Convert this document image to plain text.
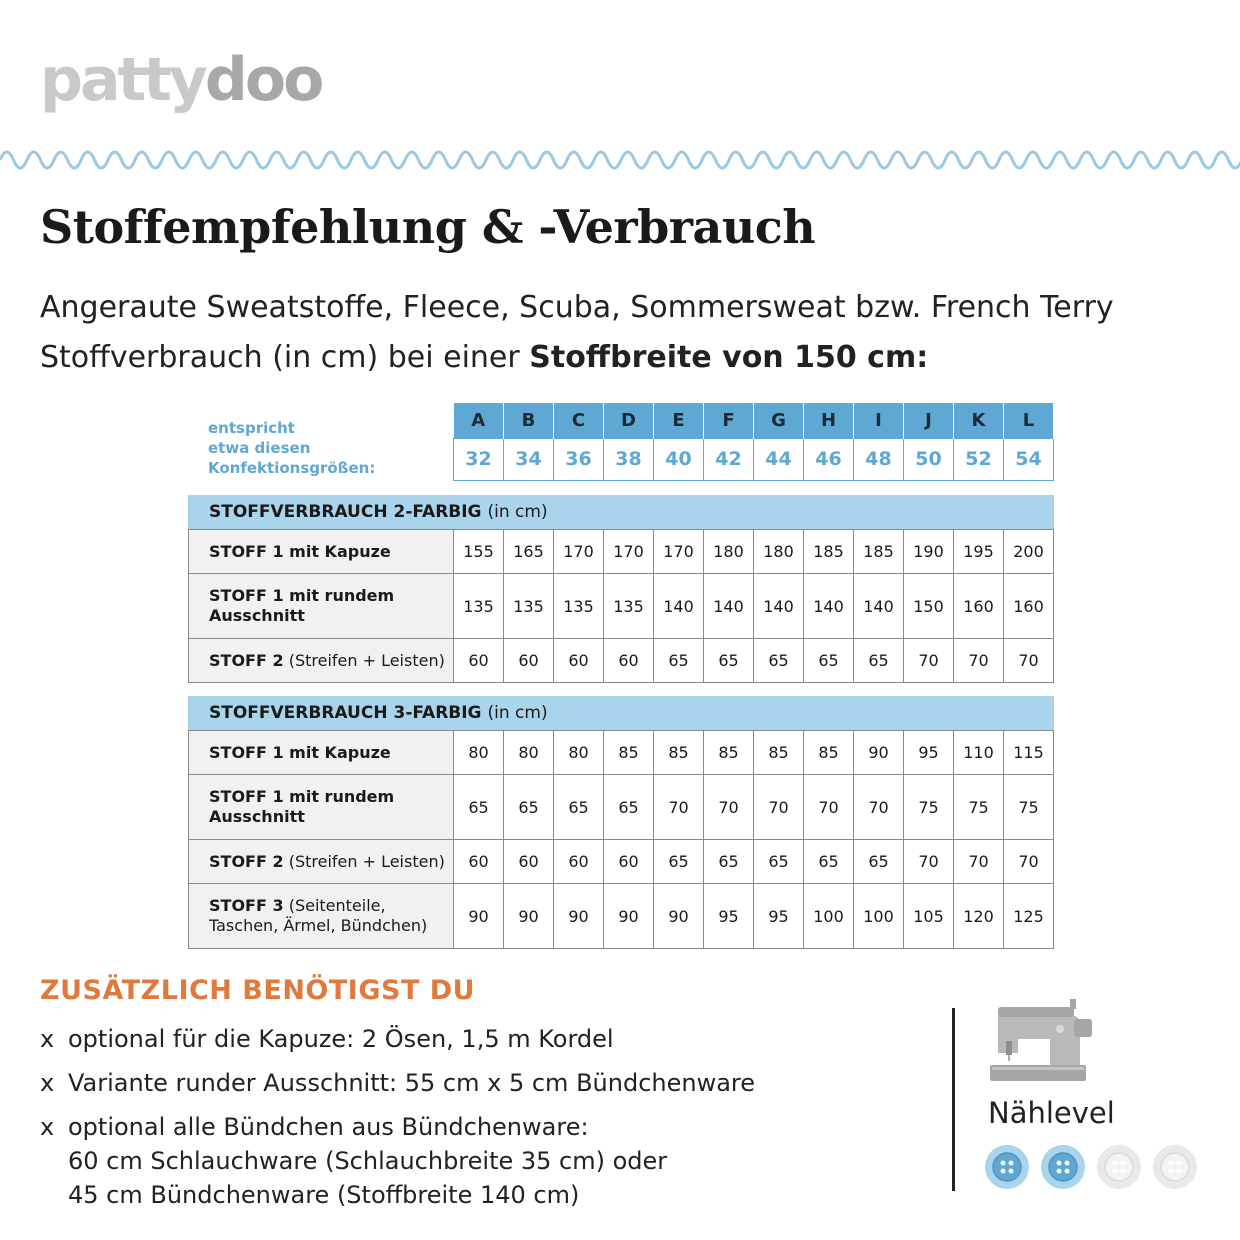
pattydoo
Stoffempfehlung & -Verbrauch
Angeraute Sweatstoffe, Fleece, Scuba, Sommersweat bzw. French Terry
Stoffverbrauch (in cm) bei einer Stoffbreite von 150 cm:
entspricht
etwa diesen
Konfektionsgrößen:
A	B	C	D	E	F	G	H	I	J	K	L
32	34	36	38	40	42	44	46	48	50	52	54
STOFFVERBRAUCH 2-FARBIG (in cm)
STOFF 1 mit Kapuze	155	165	170	170	170	180	180	185	185	190	195	200
STOFF 1 mit rundem Ausschnitt	135	135	135	135	140	140	140	140	140	150	160	160
STOFF 2 (Streifen + Leisten)	60	60	60	60	65	65	65	65	65	70	70	70
STOFFVERBRAUCH 3-FARBIG (in cm)
STOFF 1 mit Kapuze	80	80	80	85	85	85	85	85	90	95	110	115
STOFF 1 mit rundem Ausschnitt	65	65	65	65	70	70	70	70	70	75	75	75
STOFF 2 (Streifen + Leisten)	60	60	60	60	65	65	65	65	65	70	70	70
STOFF 3 (Seitenteile, Taschen, Ärmel, Bündchen)	90	90	90	90	90	95	95	100	100	105	120	125
ZUSÄTZLICH BENÖTIGST DU
x optional für die Kapuze: 2 Ösen, 1,5 m Kordel
x Variante runder Ausschnitt: 55 cm x 5 cm Bündchenware
x optional alle Bündchen aus Bündchenware:
60 cm Schlauchware (Schlauchbreite 35 cm) oder
45 cm Bündchenware (Stoffbreite 140 cm)
Nählevel
